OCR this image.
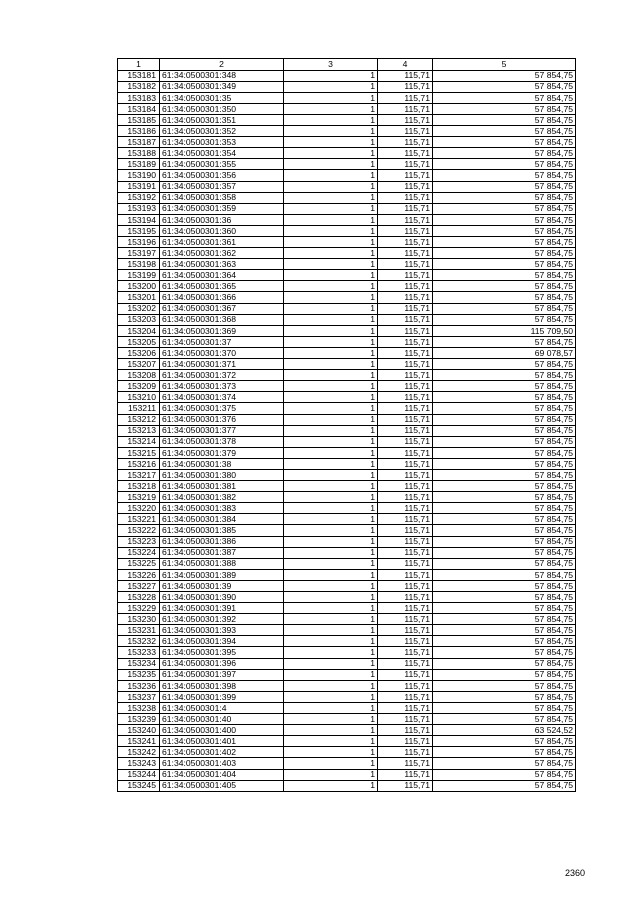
1	2	3	4	5
153181	61:34:0500301:348	1	115,71	57 854,75
153182	61:34:0500301:349	1	115,71	57 854,75
153183	61:34:0500301:35	1	115,71	57 854,75
153184	61:34:0500301:350	1	115,71	57 854,75
153185	61:34:0500301:351	1	115,71	57 854,75
153186	61:34:0500301:352	1	115,71	57 854,75
153187	61:34:0500301:353	1	115,71	57 854,75
153188	61:34:0500301:354	1	115,71	57 854,75
153189	61:34:0500301:355	1	115,71	57 854,75
153190	61:34:0500301:356	1	115,71	57 854,75
153191	61:34:0500301:357	1	115,71	57 854,75
153192	61:34:0500301:358	1	115,71	57 854,75
153193	61:34:0500301:359	1	115,71	57 854,75
153194	61:34:0500301:36	1	115,71	57 854,75
153195	61:34:0500301:360	1	115,71	57 854,75
153196	61:34:0500301:361	1	115,71	57 854,75
153197	61:34:0500301:362	1	115,71	57 854,75
153198	61:34:0500301:363	1	115,71	57 854,75
153199	61:34:0500301:364	1	115,71	57 854,75
153200	61:34:0500301:365	1	115,71	57 854,75
153201	61:34:0500301:366	1	115,71	57 854,75
153202	61:34:0500301:367	1	115,71	57 854,75
153203	61:34:0500301:368	1	115,71	57 854,75
153204	61:34:0500301:369	1	115,71	115 709,50
153205	61:34:0500301:37	1	115,71	57 854,75
153206	61:34:0500301:370	1	115,71	69 078,57
153207	61:34:0500301:371	1	115,71	57 854,75
153208	61:34:0500301:372	1	115,71	57 854,75
153209	61:34:0500301:373	1	115,71	57 854,75
153210	61:34:0500301:374	1	115,71	57 854,75
153211	61:34:0500301:375	1	115,71	57 854,75
153212	61:34:0500301:376	1	115,71	57 854,75
153213	61:34:0500301:377	1	115,71	57 854,75
153214	61:34:0500301:378	1	115,71	57 854,75
153215	61:34:0500301:379	1	115,71	57 854,75
153216	61:34:0500301:38	1	115,71	57 854,75
153217	61:34:0500301:380	1	115,71	57 854,75
153218	61:34:0500301:381	1	115,71	57 854,75
153219	61:34:0500301:382	1	115,71	57 854,75
153220	61:34:0500301:383	1	115,71	57 854,75
153221	61:34:0500301:384	1	115,71	57 854,75
153222	61:34:0500301:385	1	115,71	57 854,75
153223	61:34:0500301:386	1	115,71	57 854,75
153224	61:34:0500301:387	1	115,71	57 854,75
153225	61:34:0500301:388	1	115,71	57 854,75
153226	61:34:0500301:389	1	115,71	57 854,75
153227	61:34:0500301:39	1	115,71	57 854,75
153228	61:34:0500301:390	1	115,71	57 854,75
153229	61:34:0500301:391	1	115,71	57 854,75
153230	61:34:0500301:392	1	115,71	57 854,75
153231	61:34:0500301:393	1	115,71	57 854,75
153232	61:34:0500301:394	1	115,71	57 854,75
153233	61:34:0500301:395	1	115,71	57 854,75
153234	61:34:0500301:396	1	115,71	57 854,75
153235	61:34:0500301:397	1	115,71	57 854,75
153236	61:34:0500301:398	1	115,71	57 854,75
153237	61:34:0500301:399	1	115,71	57 854,75
153238	61:34:0500301:4	1	115,71	57 854,75
153239	61:34:0500301:40	1	115,71	57 854,75
153240	61:34:0500301:400	1	115,71	63 524,52
153241	61:34:0500301:401	1	115,71	57 854,75
153242	61:34:0500301:402	1	115,71	57 854,75
153243	61:34:0500301:403	1	115,71	57 854,75
153244	61:34:0500301:404	1	115,71	57 854,75
153245	61:34:0500301:405	1	115,71	57 854,75
2360
